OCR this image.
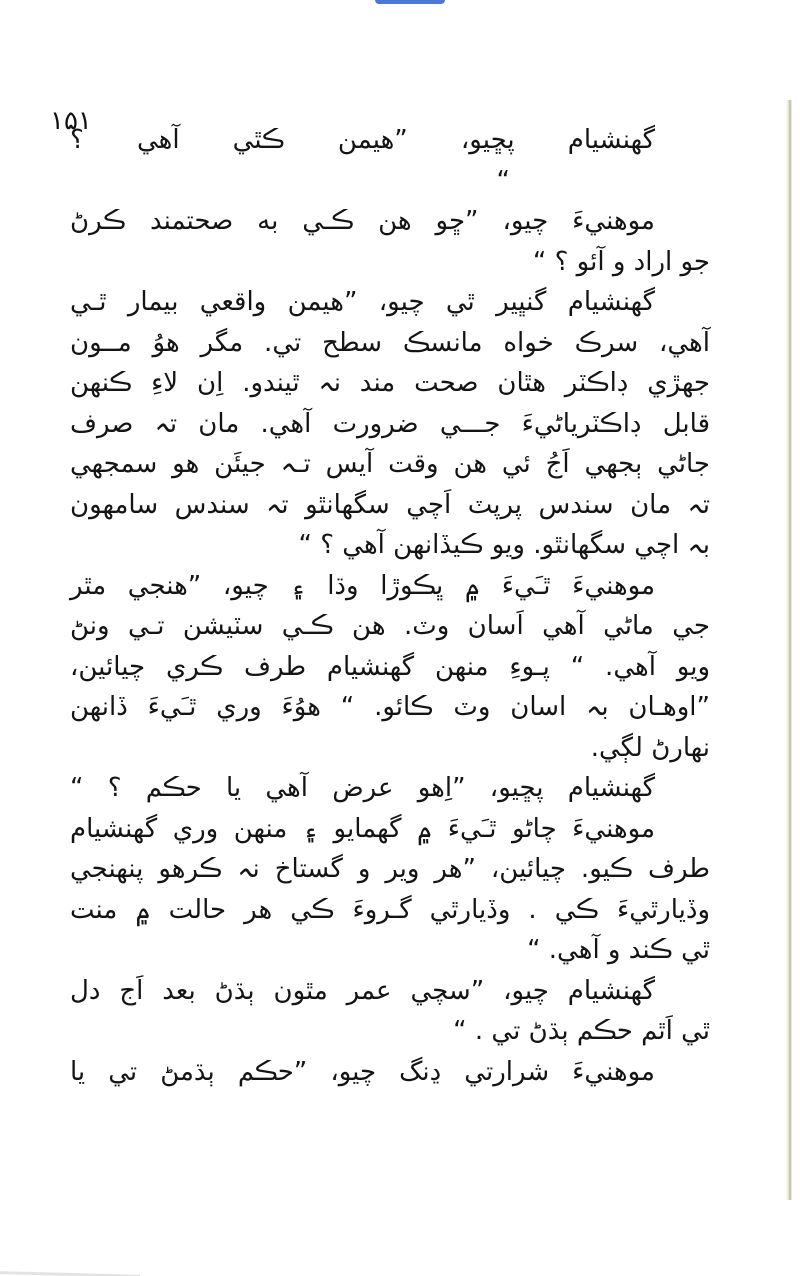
۱۵۱
گھنشيام پڇيو، ”هيمن ڪٿي آهي ؟
“
موهنيءَ چيو، ”ڇو هن ڪـي به صحتمند ڪرڻ
جو اراد و آئو ؟ “
گھنشيام گنڀير ٿي چيو، ”هيمن واقعي بيمار ٿـي
آهي، سرڪ خواه مانسڪ سطح تي. مگر هوُ مــون
جهڙي ڊاڪٽر هٿان صحت مند نہ ٿيندو. اِن لاءِ ڪنهن
قابل ڊاڪٽرياڻيءَ جـــي ضرورت آهي. مان تہ صرف
جاڻي ٻجهي اَجُ ئي هن وقت آيس تـہ جيئَن هو سمجهي
تہ مان سندس پرپٽ اَچي سگهانٿو تہ سندس سامهون
بہ اچي سگهانٿو. ويو ڪيڏانهن آهي ؟ “
موهنيءَ ٿـَيءَ ۾ ڀڪوڙا وڌا ۽ چيو، ”هنجي مٿر
جي ماڻي آهي اَسان وٽ. هن ڪـي سٽيشن تـي ونڻ
ويو آهي. “ پـوءِ منهن گھنشيام طرف ڪري چيائين،
”اوهـان بہ اسان وٽ ڪائو. “ هوُءَ وري ٿـَيءَ ڏانهن
نهارڻ لڳي.
گھنشيام پڇيو، ”اِهو عرض آهي يا حڪم ؟ “
موهنيءَ چاڻو ٿـَيءَ ۾ گهمايو ۽ منهن وري گھنشيام
طرف ڪيو. چيائين، ”هر وير و گستاخ نہ ڪرهو پنهنجي
وڏيارٿيءَ ڪي . وڏيارٿي گـروءَ ڪي هر حالت ۾ منت
ٿي ڪند و آهي. “
گھنشيام چيو، ”سچي عمر مٿون ٻڌڻ بعد اَج دل
ٿي اَٿم حڪم ٻڌڻ تي . “
موهنيءَ شرارتي ڍنگ چيو، ”حڪم ٻڌمڻ تي يا
